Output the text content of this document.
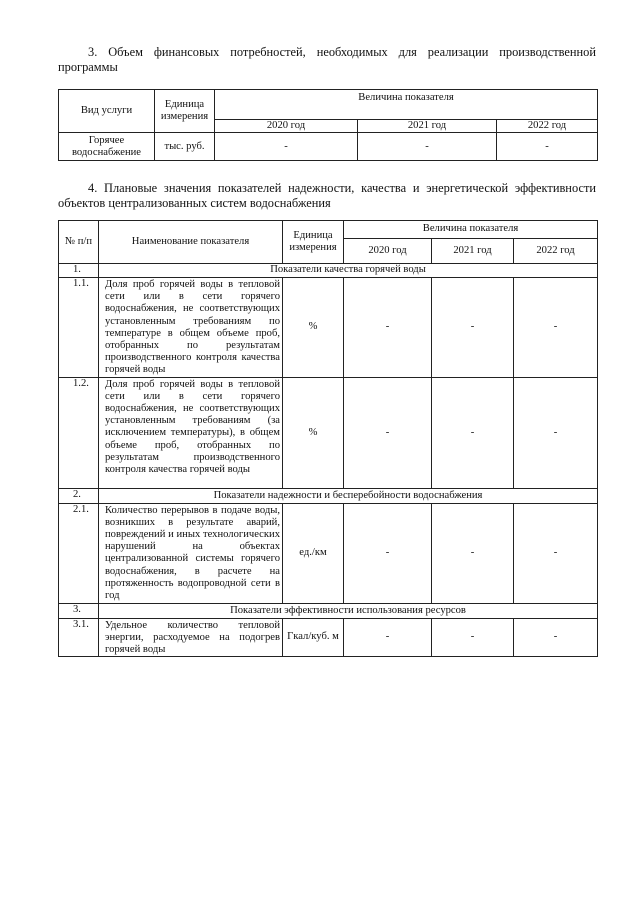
3. Объем финансовых потребностей, необходимых для реализации производственной программы
Вид услуги	Единица измерения	Величина показателя		
		2020 год	2021 год	2022 год
Горячее водоснабжение	тыс. руб.	-	-	-
4. Плановые значения показателей надежности, качества и энергетической эффективности объектов централизованных систем водоснабжения
№ п/п	Наименование показателя	Единица измерения	Величина показателя		
			2020 год	2021 год	2022 год
1.	Показатели качества горячей воды				
1.1.	Доля проб горячей воды в тепловой сети или в сети горячего водоснабжения, не соответствующих установленным требованиям по температуре в общем объеме проб, отобранных по результатам производственного контроля качества горячей воды	%	-	-	-
1.2.	Доля проб горячей воды в тепловой сети или в сети горячего водоснабжения, не соответствующих установленным требованиям (за исключением температуры), в общем объеме проб, отобранных по результатам производственного контроля качества горячей воды	%	-	-	-
2.	Показатели надежности и бесперебойности водоснабжения				
2.1.	Количество перерывов в подаче воды, возникших в результате аварий, повреждений и иных технологических нарушений на объектах централизованной системы горячего водоснабжения, в расчете на протяженность водопроводной сети в год	ед./км	-	-	-
3.	Показатели эффективности использования ресурсов				
3.1.	Удельное количество тепловой энергии, расходуемое на подогрев горячей воды	Гкал/куб. м	-	-	-
